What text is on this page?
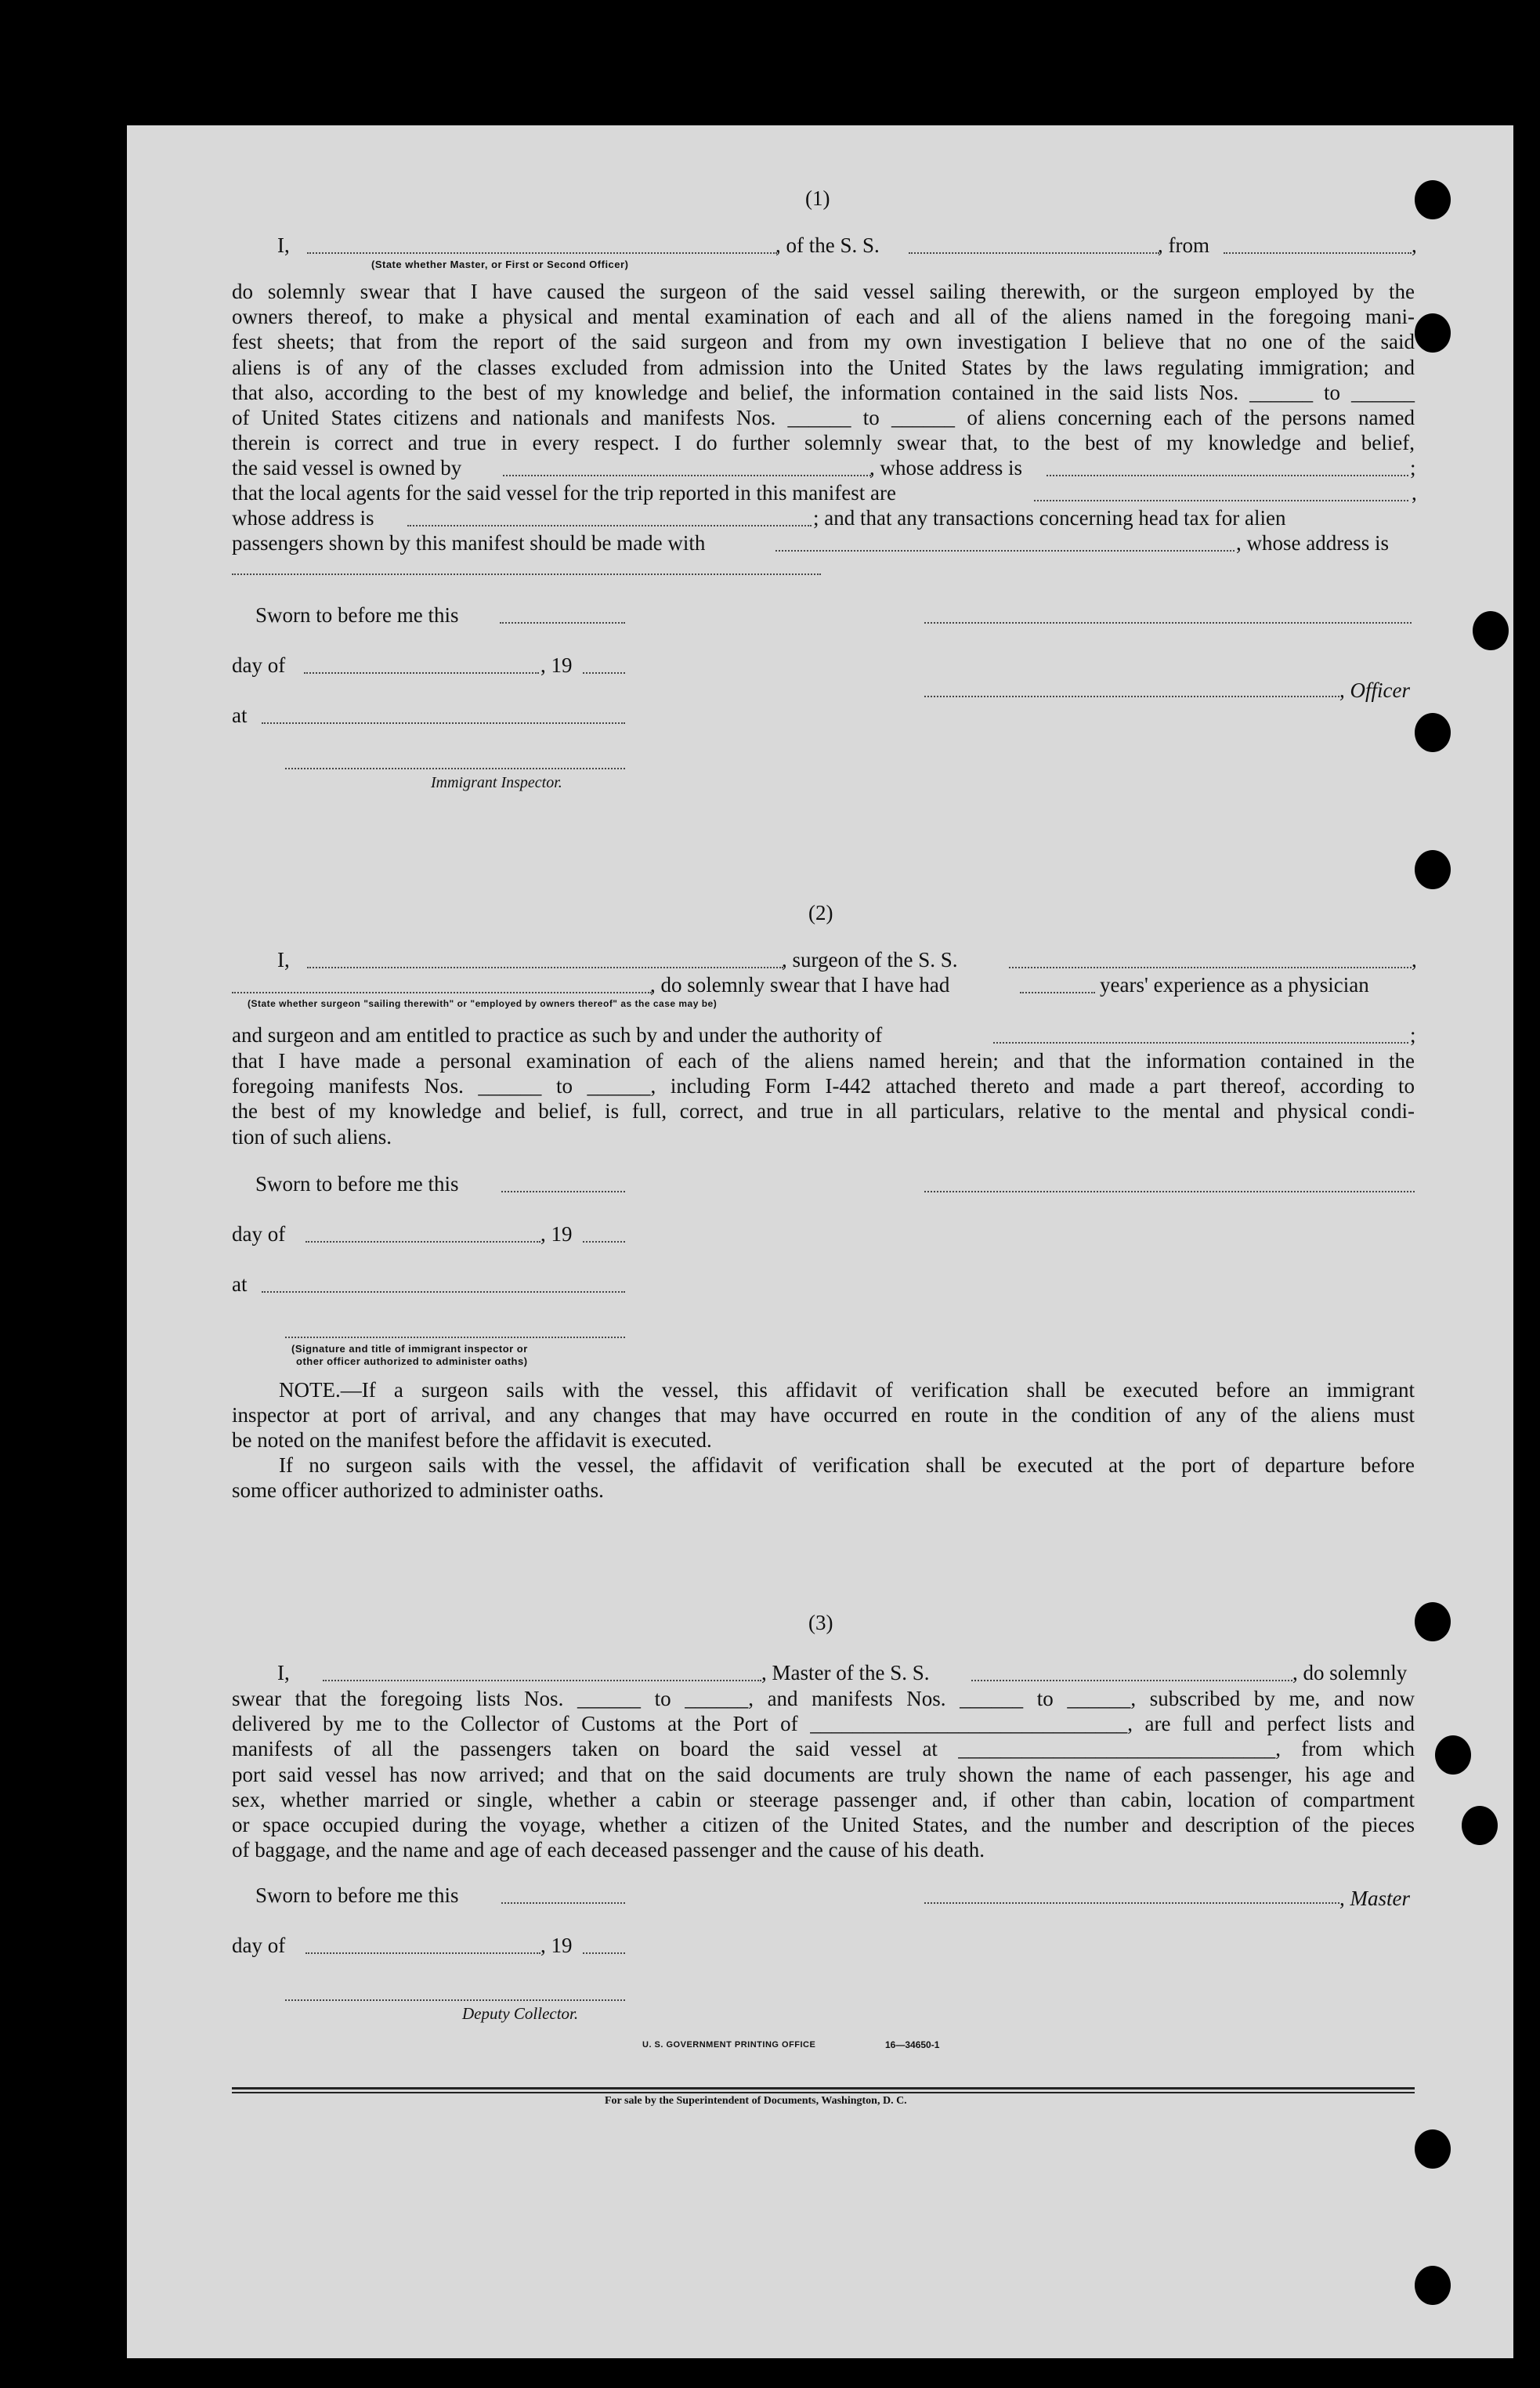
(1)
I,
(State whether Master, or First or Second Officer)
, of the S. S.	, from	,
do solemnly swear that I have caused the surgeon of the said vessel sailing therewith, or the surgeon employed by the
owners thereof, to make a physical and mental examination of each and all of the aliens named in the foregoing mani-
fest sheets; that from the report of the said surgeon and from my own investigation I believe that no one of the said
aliens is of any of the classes excluded from admission into the United States by the laws regulating immigration; and
that also, according to the best of my knowledge and belief, the information contained in the said lists Nos. ______ to ______
of United States citizens and nationals and manifests Nos. ______ to ______ of aliens concerning each of the persons named
therein is correct and true in every respect. I do further solemnly swear that, to the best of my knowledge and belief,
the said vessel is owned by	, whose address is	;
that the local agents for the said vessel for the trip reported in this manifest are	,
whose address is	; and that any transactions concerning head tax for alien
passengers shown by this manifest should be made with	, whose address is
Sworn to before me this
day of	, 19
, Officer
at
Immigrant Inspector.
(2)
I,	, surgeon of the S. S.	,
, do solemnly swear that I have had	years' experience as a physician
(State whether surgeon "sailing therewith" or "employed by owners thereof" as the case may be)
and surgeon and am entitled to practice as such by and under the authority of	;
that I have made a personal examination of each of the aliens named herein; and that the information contained in the
foregoing manifests Nos. ______ to ______, including Form I-442 attached thereto and made a part thereof, according to
the best of my knowledge and belief, is full, correct, and true in all particulars, relative to the mental and physical condi-
tion of such aliens.
Sworn to before me this
day of	, 19
at
(Signature and title of immigrant inspector or
other officer authorized to administer oaths)
NOTE.—If a surgeon sails with the vessel, this affidavit of verification shall be executed before an immigrant
inspector at port of arrival, and any changes that may have occurred en route in the condition of any of the aliens must
be noted on the manifest before the affidavit is executed.
If no surgeon sails with the vessel, the affidavit of verification shall be executed at the port of departure before
some officer authorized to administer oaths.
(3)
I,	, Master of the S. S.	, do solemnly
swear that the foregoing lists Nos. ______ to ______, and manifests Nos. ______ to ______, subscribed by me, and now
delivered by me to the Collector of Customs at the Port of ______________________________, are full and perfect lists and
manifests of all the passengers taken on board the said vessel at ______________________________, from which
port said vessel has now arrived; and that on the said documents are truly shown the name of each passenger, his age and
sex, whether married or single, whether a cabin or steerage passenger and, if other than cabin, location of compartment
or space occupied during the voyage, whether a citizen of the United States, and the number and description of the pieces
of baggage, and the name and age of each deceased passenger and the cause of his death.
Sworn to before me this	, Master
day of	, 19
Deputy Collector.
U. S. GOVERNMENT PRINTING OFFICE	16—34650-1
For sale by the Superintendent of Documents, Washington, D. C.
